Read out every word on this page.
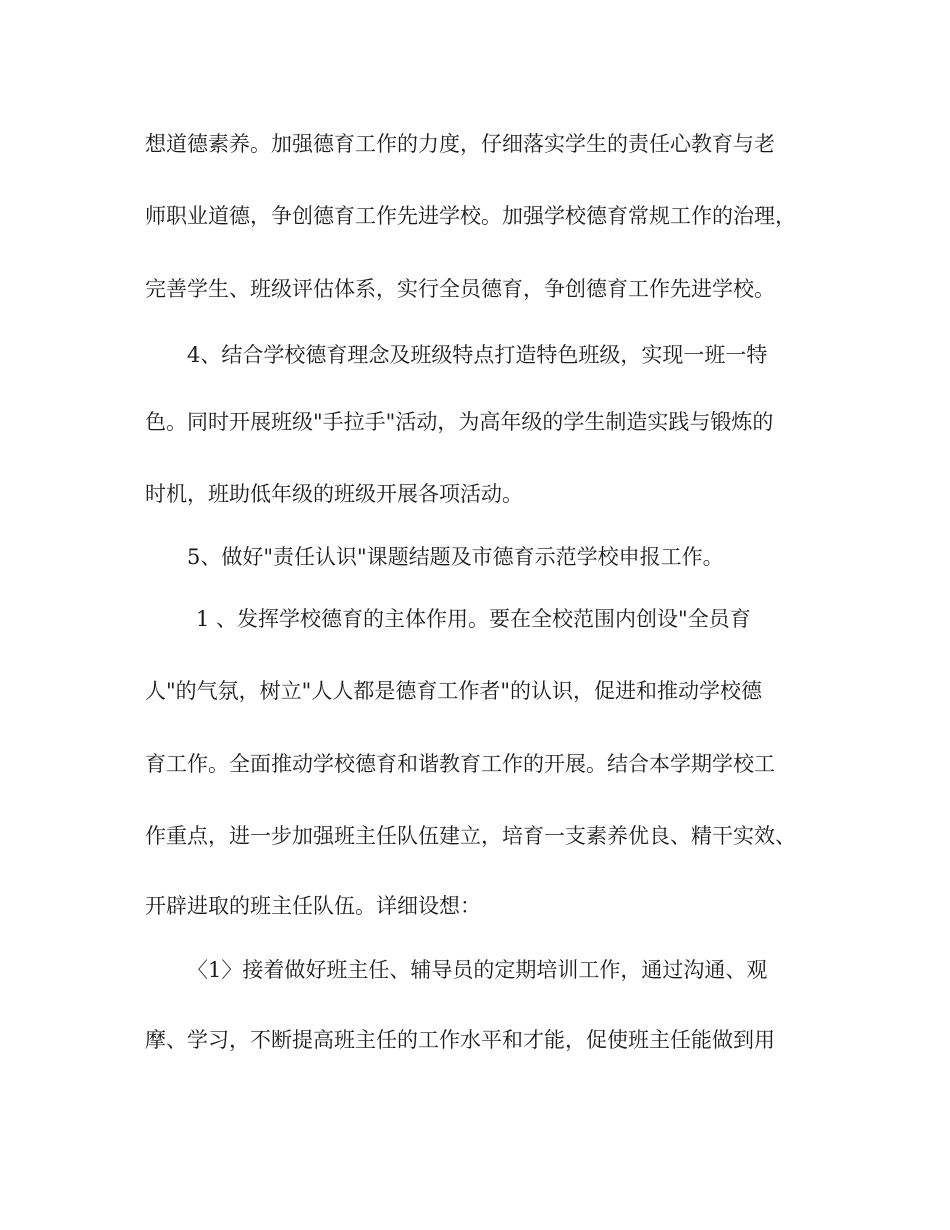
想道德素养。加强德育工作的力度，仔细落实学生的责任心教育与老
师职业道德，争创德育工作先进学校。加强学校德育常规工作的治理，
完善学生、班级评估体系，实行全员德育，争创德育工作先进学校。
4、结合学校德育理念及班级特点打造特色班级，实现一班一特
色。同时开展班级"手拉手"活动，为高年级的学生制造实践与锻炼的
时机，班助低年级的班级开展各项活动。
5、做好"责任认识"课题结题及市德育示范学校申报工作。
1 、发挥学校德育的主体作用。要在全校范围内创设"全员育
人"的气氛，树立"人人都是德育工作者"的认识，促进和推动学校德
育工作。全面推动学校德育和谐教育工作的开展。结合本学期学校工
作重点，进一步加强班主任队伍建立，培育一支素养优良、精干实效、
开辟进取的班主任队伍。详细设想：
〈1〉接着做好班主任、辅导员的定期培训工作，通过沟通、观
摩、学习，不断提高班主任的工作水平和才能，促使班主任能做到用
